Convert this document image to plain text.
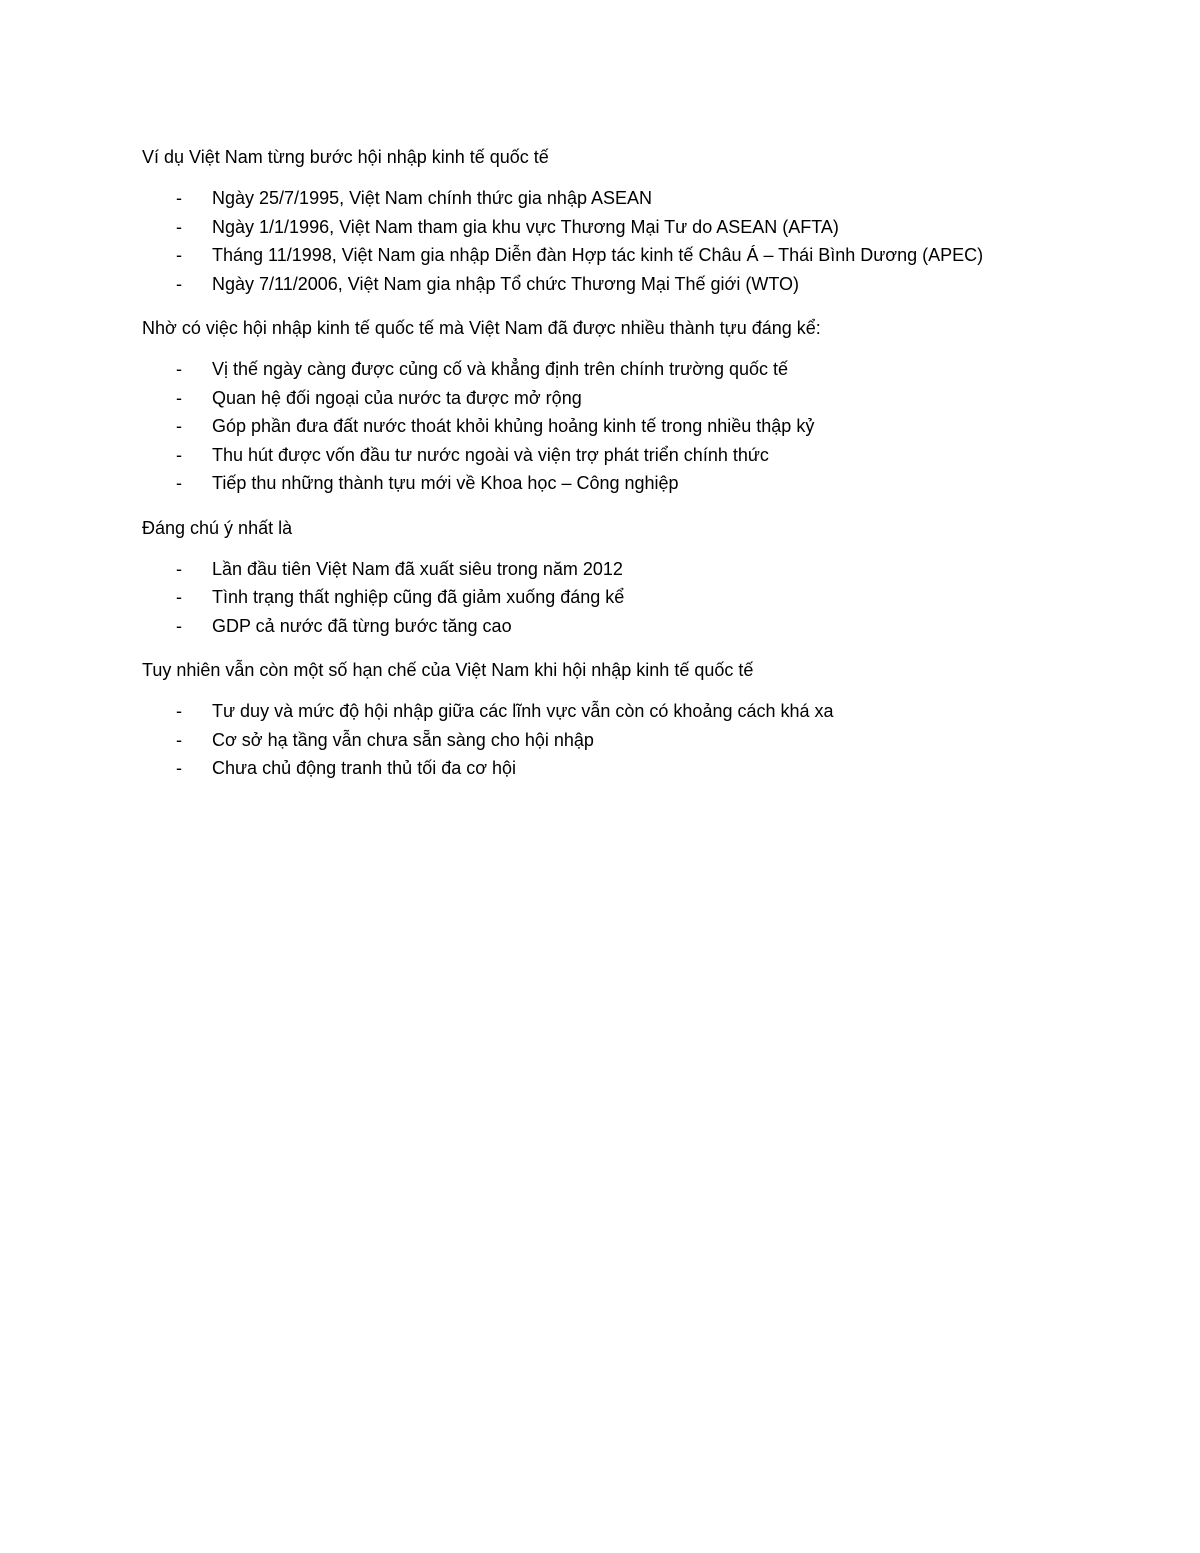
Ví dụ Việt Nam từng bước hội nhập kinh tế quốc tế

- Ngày 25/7/1995, Việt Nam chính thức gia nhập ASEAN
- Ngày 1/1/1996, Việt Nam tham gia khu vực Thương Mại Tư do ASEAN (AFTA)
- Tháng 11/1998, Việt Nam gia nhập Diễn đàn Hợp tác kinh tế Châu Á – Thái Bình Dương (APEC)
- Ngày 7/11/2006, Việt Nam gia nhập Tổ chức Thương Mại Thế giới (WTO)

Nhờ có việc hội nhập kinh tế quốc tế mà Việt Nam đã được nhiều thành tựu đáng kể:

- Vị thế ngày càng được củng cố và khẳng định trên chính trường quốc tế
- Quan hệ đối ngoại của nước ta được mở rộng
- Góp phần đưa đất nước thoát khỏi khủng hoảng kinh tế trong nhiều thập kỷ
- Thu hút được vốn đầu tư nước ngoài và viện trợ phát triển chính thức
- Tiếp thu những thành tựu mới về Khoa học – Công nghiệp

Đáng chú ý nhất là

- Lần đầu tiên Việt Nam đã xuất siêu trong năm 2012
- Tình trạng thất nghiệp cũng đã giảm xuống đáng kể
- GDP cả nước đã từng bước tăng cao

Tuy nhiên vẫn còn một số hạn chế của Việt Nam khi hội nhập kinh tế quốc tế

- Tư duy và mức độ hội nhập giữa các lĩnh vực vẫn còn có khoảng cách khá xa
- Cơ sở hạ tầng vẫn chưa sẵn sàng cho hội nhập
- Chưa chủ động tranh thủ tối đa cơ hội
